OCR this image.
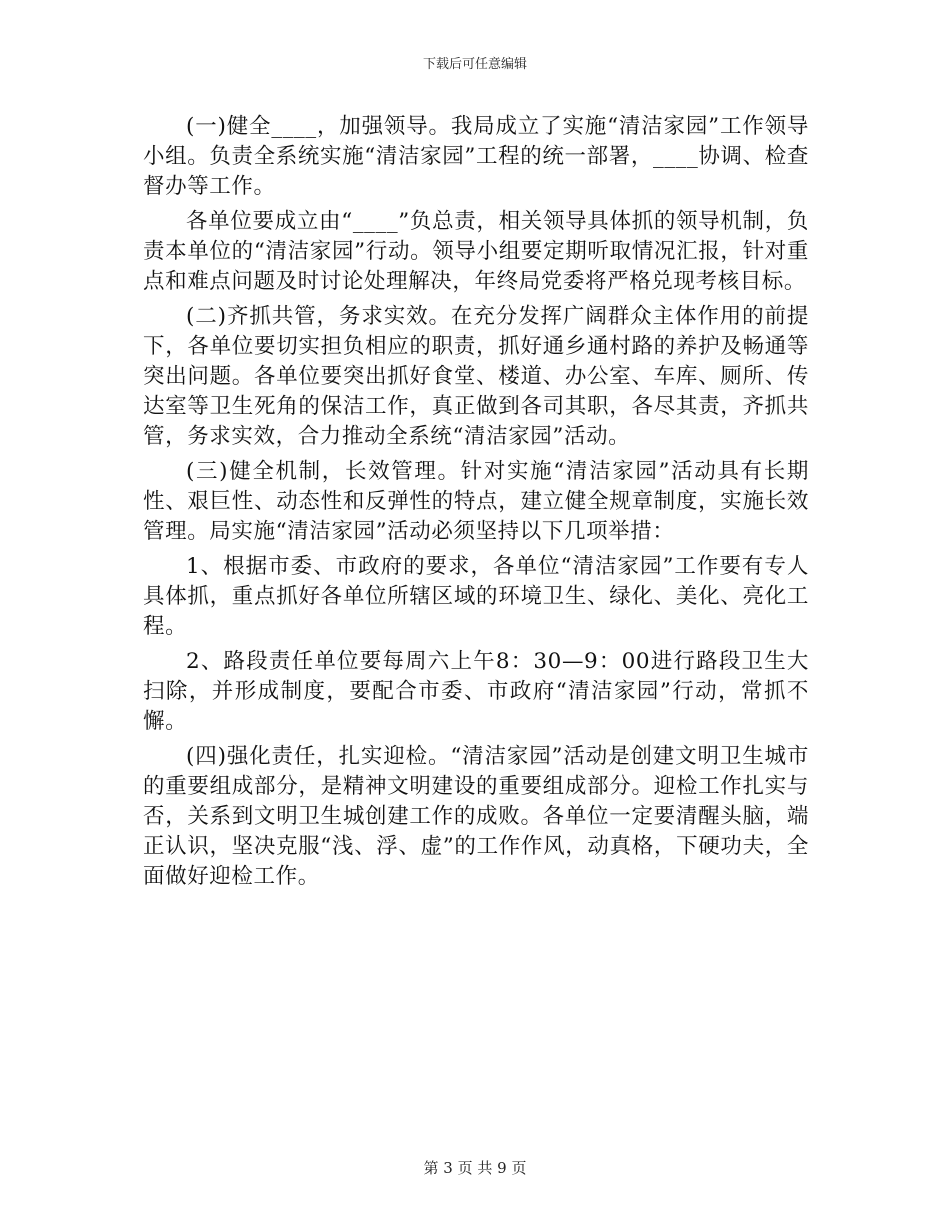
下载后可任意编辑

(一)健全____，加强领导。我局成立了实施“清洁家园”工作领导小组。负责全系统实施“清洁家园”工程的统一部署，____协调、检查督办等工作。

各单位要成立由“____”负总责，相关领导具体抓的领导机制，负责本单位的“清洁家园”行动。领导小组要定期听取情况汇报，针对重点和难点问题及时讨论处理解决，年终局党委将严格兑现考核目标。

(二)齐抓共管，务求实效。在充分发挥广阔群众主体作用的前提下，各单位要切实担负相应的职责，抓好通乡通村路的养护及畅通等突出问题。各单位要突出抓好食堂、楼道、办公室、车库、厕所、传达室等卫生死角的保洁工作，真正做到各司其职，各尽其责，齐抓共管，务求实效，合力推动全系统“清洁家园”活动。

(三)健全机制，长效管理。针对实施“清洁家园”活动具有长期性、艰巨性、动态性和反弹性的特点，建立健全规章制度，实施长效管理。局实施“清洁家园”活动必须坚持以下几项举措：

1、根据市委、市政府的要求，各单位“清洁家园”工作要有专人具体抓，重点抓好各单位所辖区域的环境卫生、绿化、美化、亮化工程。

2、路段责任单位要每周六上午8：30—9：00进行路段卫生大扫除，并形成制度，要配合市委、市政府“清洁家园”行动，常抓不懈。

(四)强化责任，扎实迎检。“清洁家园”活动是创建文明卫生城市的重要组成部分，是精神文明建设的重要组成部分。迎检工作扎实与否，关系到文明卫生城创建工作的成败。各单位一定要清醒头脑，端正认识，坚决克服“浅、浮、虚”的工作作风，动真格，下硬功夫，全面做好迎检工作。

第 3 页 共 9 页
